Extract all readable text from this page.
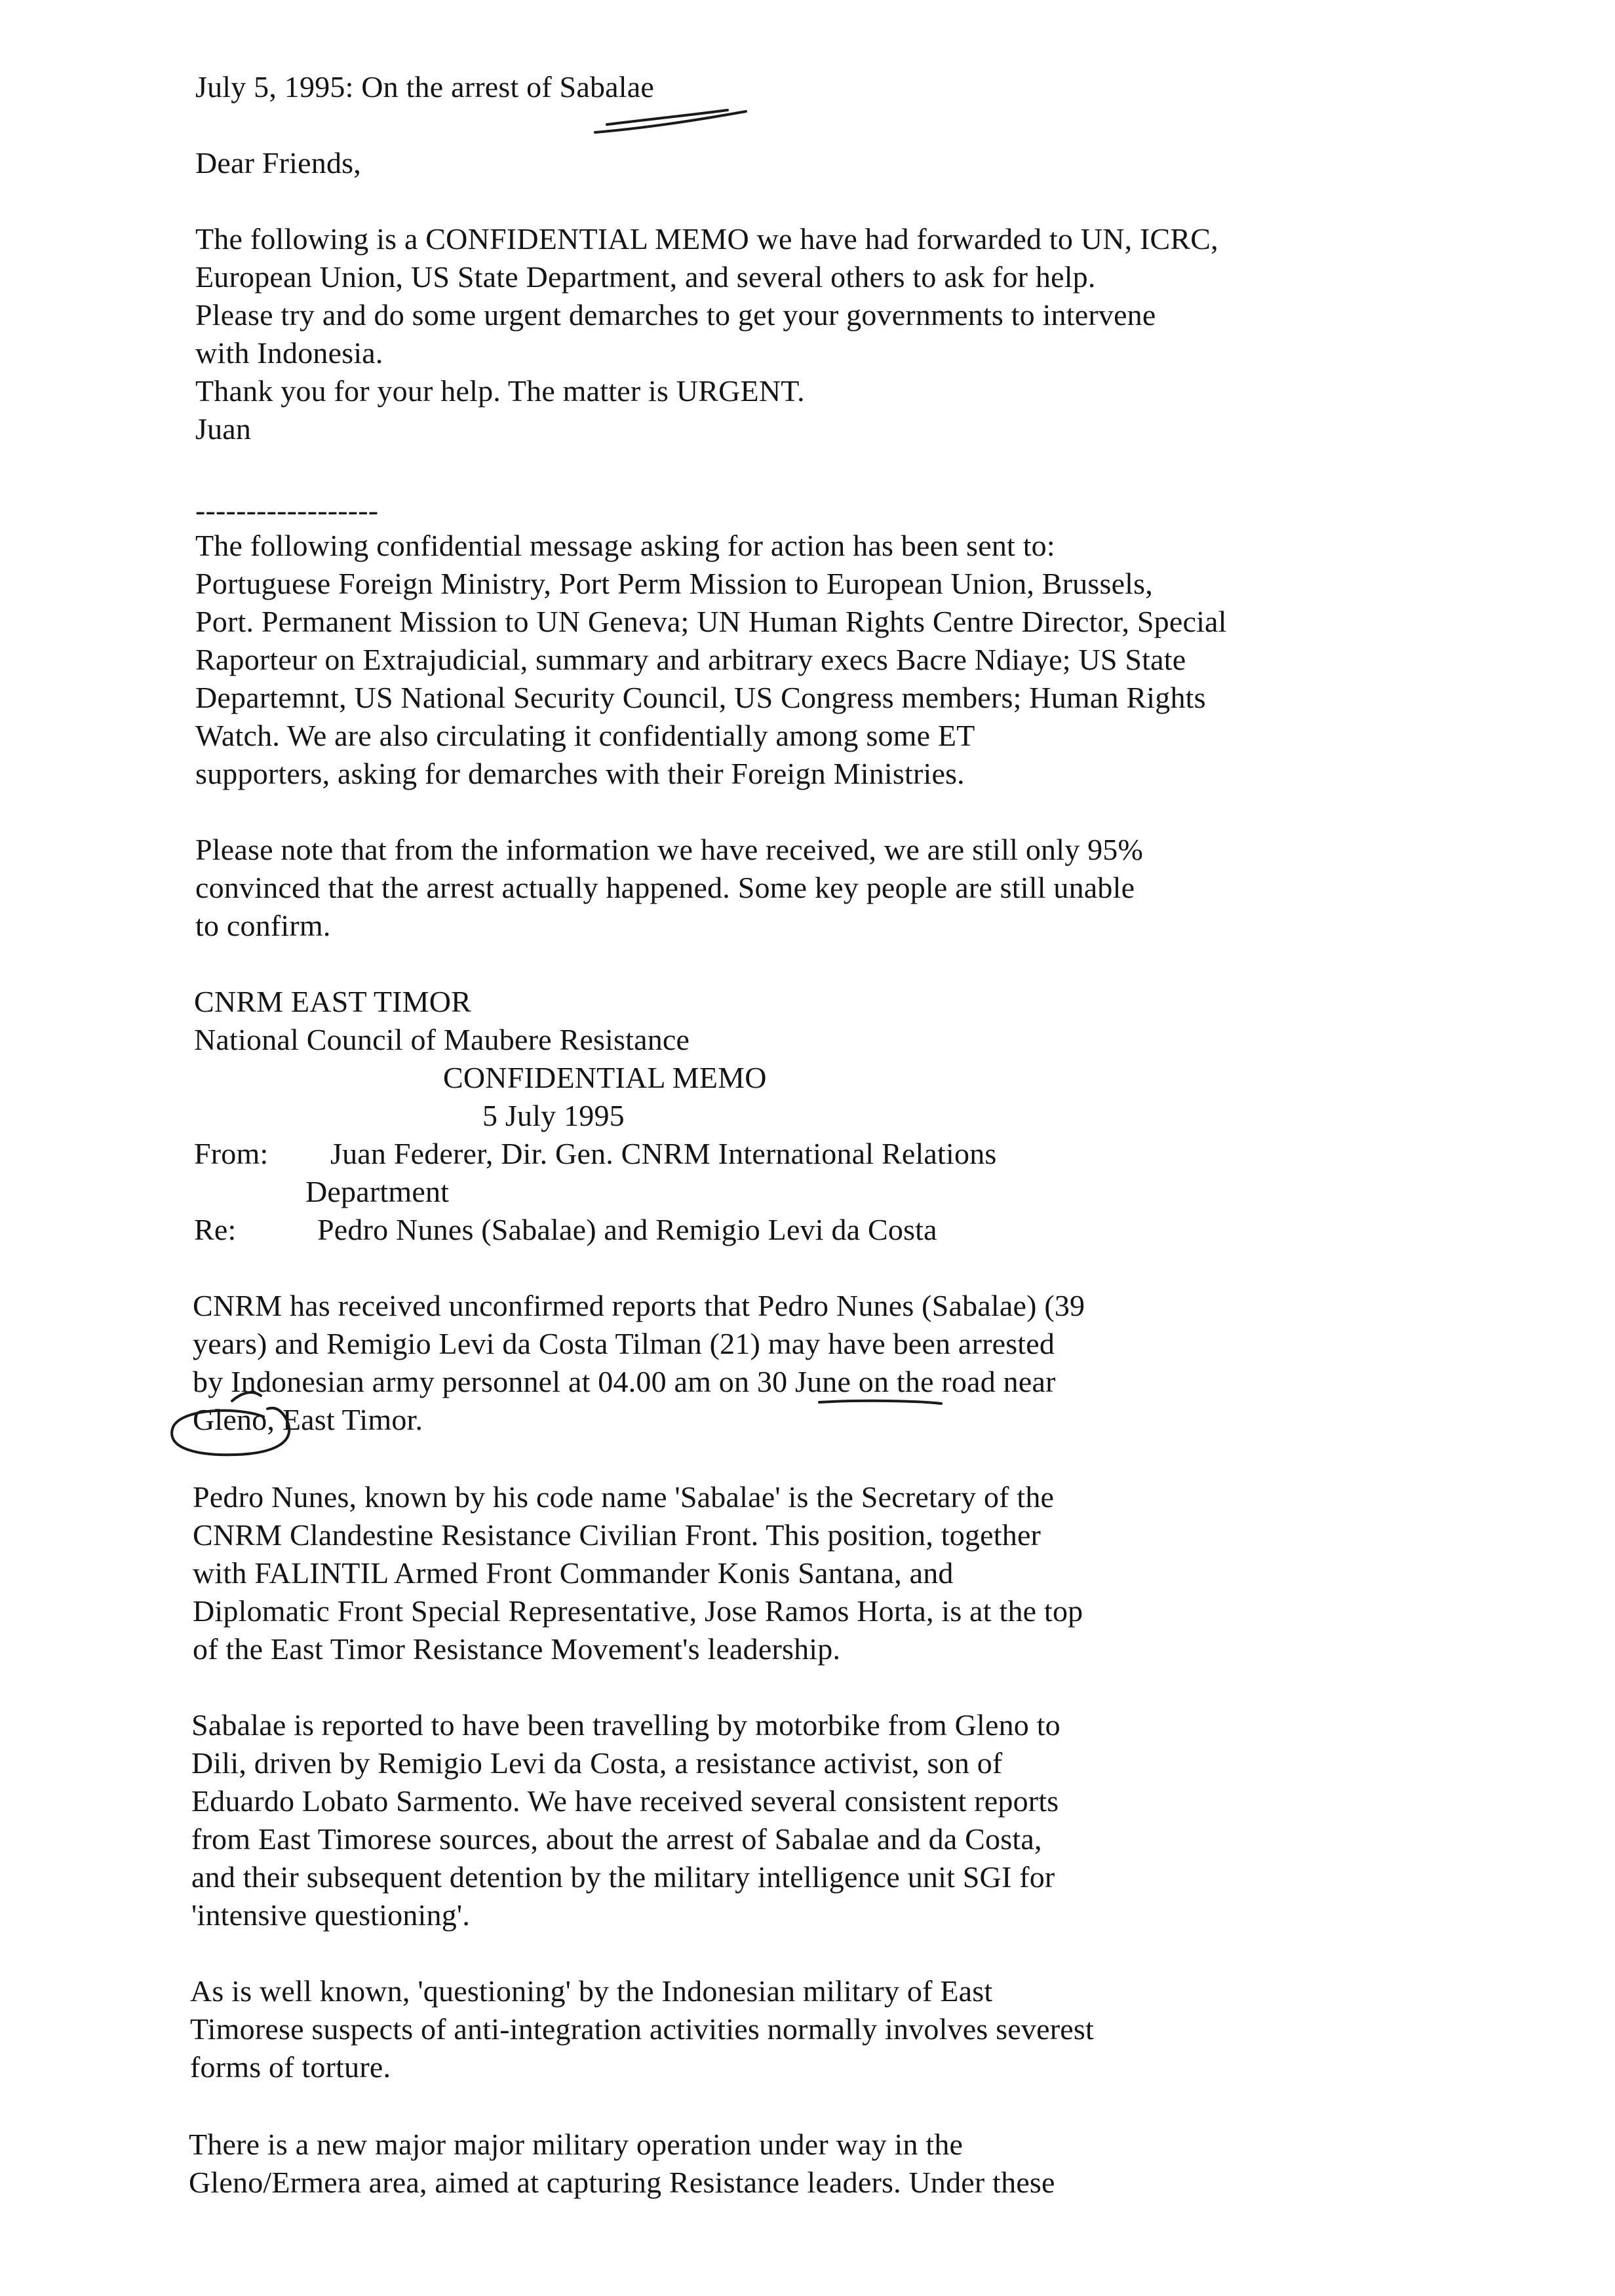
July 5, 1995: On the arrest of Sabalae
Dear Friends,
The following is a CONFIDENTIAL MEMO we have had forwarded to UN, ICRC,
European Union, US State Department, and several others to ask for help.
Please try and do some urgent demarches to get your governments to intervene
with Indonesia.
Thank you for your help. The matter is URGENT.
Juan
------------------
The following confidential message asking for action has been sent to:
Portuguese Foreign Ministry, Port Perm Mission to European Union, Brussels,
Port. Permanent Mission to UN Geneva; UN Human Rights Centre Director, Special
Raporteur on Extrajudicial, summary and arbitrary execs Bacre Ndiaye; US State
Departemnt, US National Security Council, US Congress members; Human Rights
Watch. We are also circulating it confidentially among some ET
supporters, asking for demarches with their Foreign Ministries.
Please note that from the information we have received, we are still only 95%
convinced that the arrest actually happened. Some key people are still unable
to confirm.
CNRM EAST TIMOR
National Council of Maubere Resistance
CONFIDENTIAL MEMO
5 July 1995
From: Juan Federer, Dir. Gen. CNRM International Relations
Department
Re:	Pedro Nunes (Sabalae) and Remigio Levi da Costa
CNRM has received unconfirmed reports that Pedro Nunes (Sabalae) (39
years) and Remigio Levi da Costa Tilman (21) may have been arrested
by Indonesian army personnel at 04.00 am on 30 June on the road near
Gleno, East Timor.
Pedro Nunes, known by his code name 'Sabalae' is the Secretary of the
CNRM Clandestine Resistance Civilian Front. This position, together
with FALINTIL Armed Front Commander Konis Santana, and
Diplomatic Front Special Representative, Jose Ramos Horta, is at the top
of the East Timor Resistance Movement's leadership.
Sabalae is reported to have been travelling by motorbike from Gleno to
Dili, driven by Remigio Levi da Costa, a resistance activist, son of
Eduardo Lobato Sarmento. We have received several consistent reports
from East Timorese sources, about the arrest of Sabalae and da Costa,
and their subsequent detention by the military intelligence unit SGI for
'intensive questioning'.
As is well known, 'questioning' by the Indonesian military of East
Timorese suspects of anti-integration activities normally involves severest
forms of torture.
There is a new major major military operation under way in the
Gleno/Ermera area, aimed at capturing Resistance leaders. Under these
